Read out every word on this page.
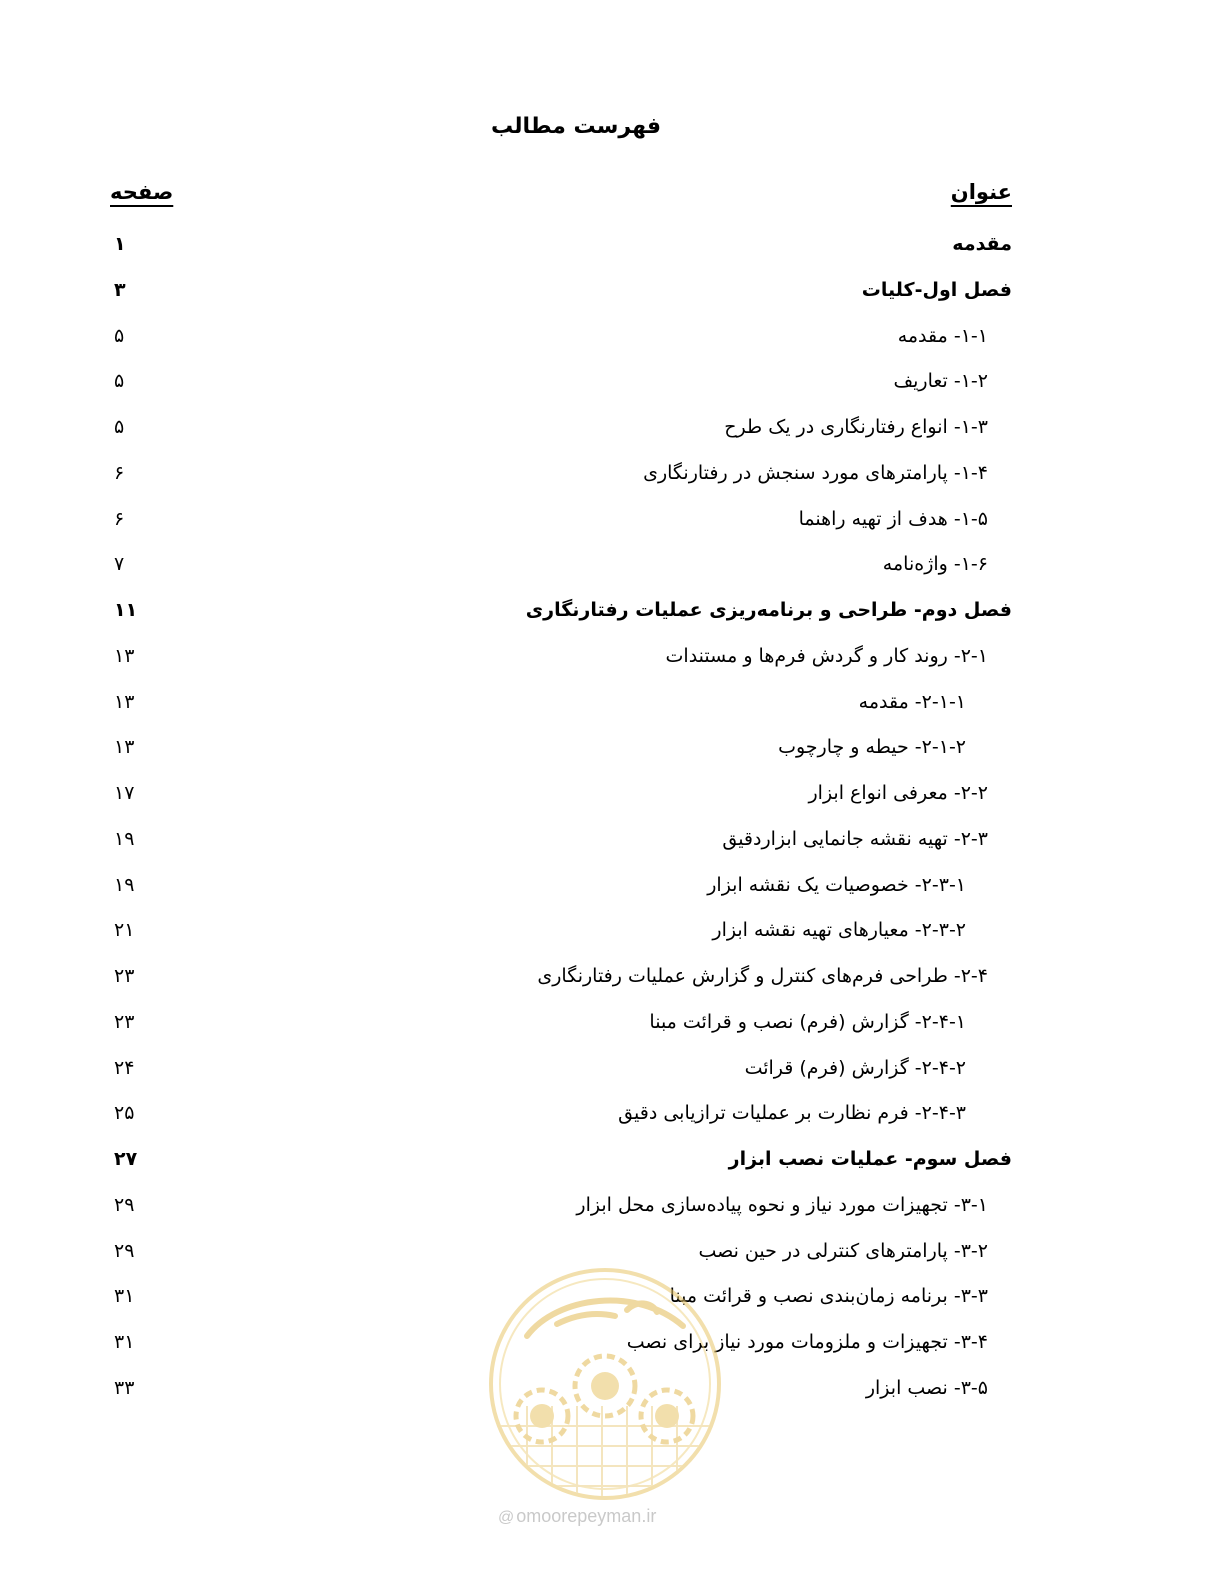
فهرست مطالب
عنوان
صفحه
مقدمه
۱
فصل اول-کلیات
۳
۱-۱- مقدمه
۵
۱-۲- تعاریف
۵
۱-۳- انواع رفتارنگاری در یک طرح
۵
۱-۴- پارامترهای مورد سنجش در رفتارنگاری
۶
۱-۵- هدف از تهیه راهنما
۶
۱-۶- واژه‌نامه
۷
فصل دوم- طراحی و برنامه‌ریزی عملیات رفتارنگاری
۱۱
۲-۱- روند کار و گردش فرم‌ها و مستندات
۱۳
۲-۱-۱- مقدمه
۱۳
۲-۱-۲- حیطه و چارچوب
۱۳
۲-۲- معرفی انواع ابزار
۱۷
۲-۳- تهیه نقشه جانمایی ابزاردقیق
۱۹
۲-۳-۱- خصوصیات یک نقشه ابزار
۱۹
۲-۳-۲- معیارهای تهیه نقشه ابزار
۲۱
۲-۴- طراحی فرم‌های کنترل و گزارش عملیات رفتارنگاری
۲۳
۲-۴-۱- گزارش (فرم) نصب و قرائت مبنا
۲۳
۲-۴-۲- گزارش (فرم) قرائت
۲۴
۲-۴-۳- فرم نظارت بر عملیات ترازیابی دقیق
۲۵
فصل سوم- عملیات نصب ابزار
۲۷
۳-۱- تجهیزات مورد نیاز و نحوه پیاده‌سازی محل ابزار
۲۹
۳-۲- پارامترهای کنترلی در حین نصب
۲۹
۳-۳- برنامه زمان‌بندی نصب و قرائت مبنا
۳۱
۳-۴- تجهیزات و ملزومات مورد نیاز برای نصب
۳۱
۳-۵- نصب ابزار
۳۳
@ omoorepeyman.ir
